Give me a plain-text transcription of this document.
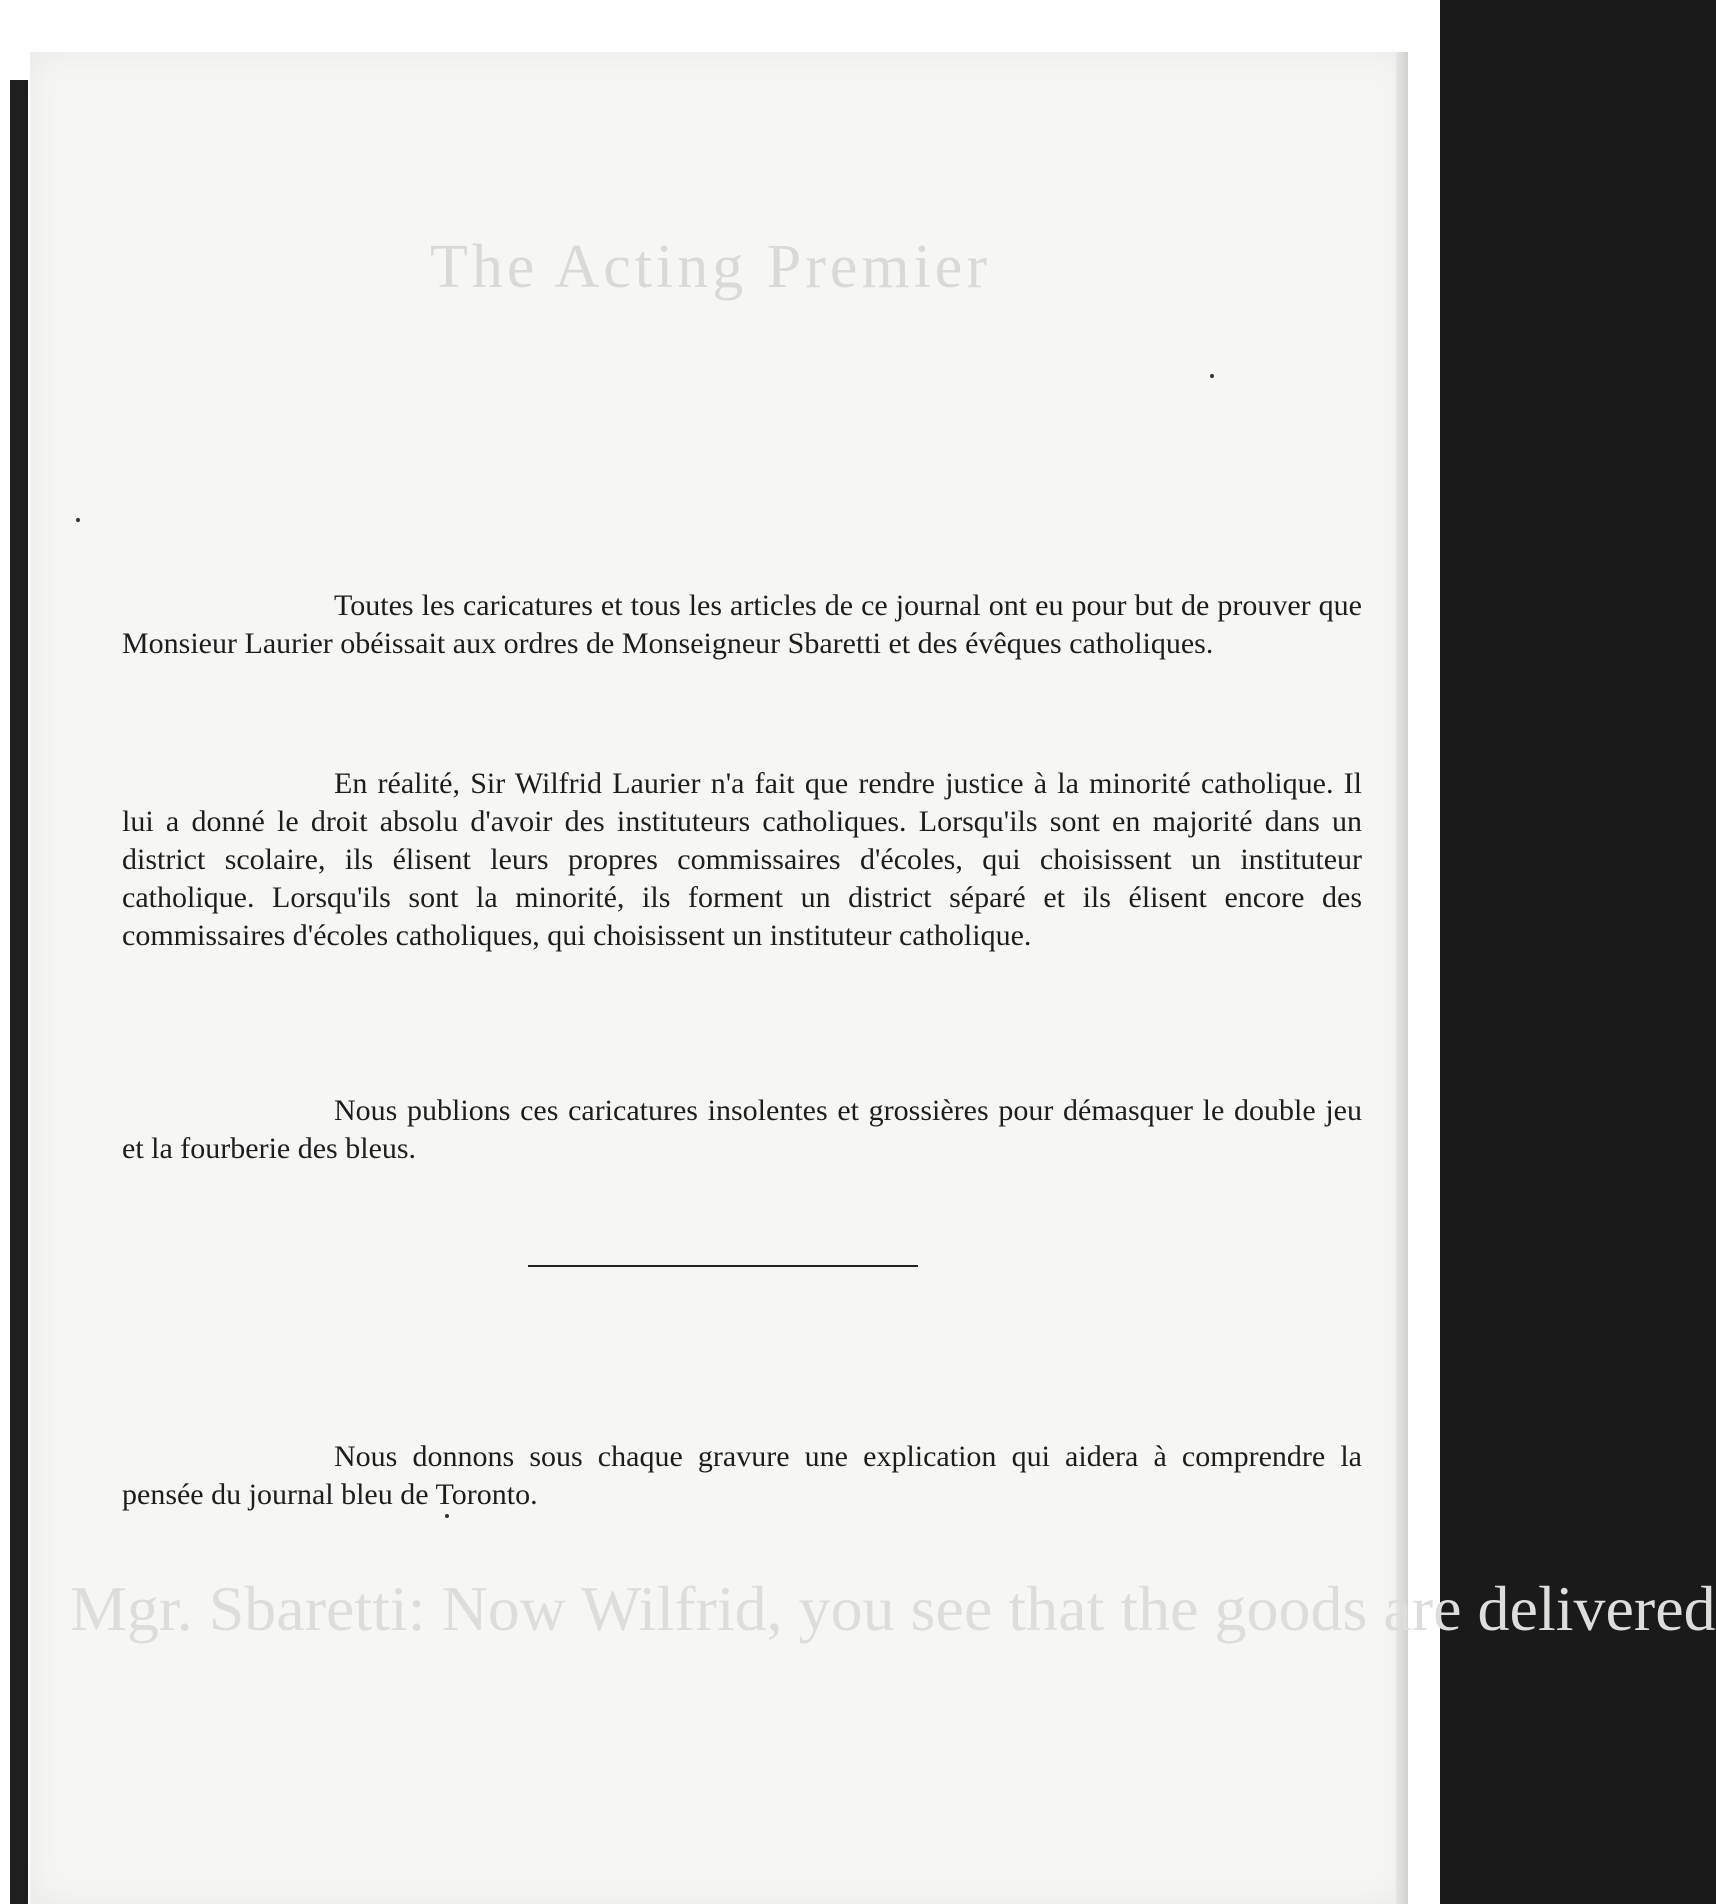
The Acting Premier
Mgr. Sbaretti: Now Wilfrid, you see that the goods are delivered

Toutes les caricatures et tous les articles de ce journal ont eu pour but de prouver que Monsieur Laurier obéissait aux ordres de Monseigneur Sbaretti et des évêques catholiques.

En réalité, Sir Wilfrid Laurier n'a fait que rendre justice à la minorité catholique. Il lui a donné le droit absolu d'avoir des instituteurs catholiques. Lorsqu'ils sont en majorité dans un district scolaire, ils élisent leurs propres commissaires d'écoles, qui choisissent un instituteur catholique. Lorsqu'ils sont la minorité, ils forment un district séparé et ils élisent encore des commissaires d'écoles catholiques, qui choisissent un instituteur catholique.

Nous publions ces caricatures insolentes et grossières pour démasquer le double jeu et la fourberie des bleus.

Nous donnons sous chaque gravure une explication qui aidera à comprendre la pensée du journal bleu de Toronto.
